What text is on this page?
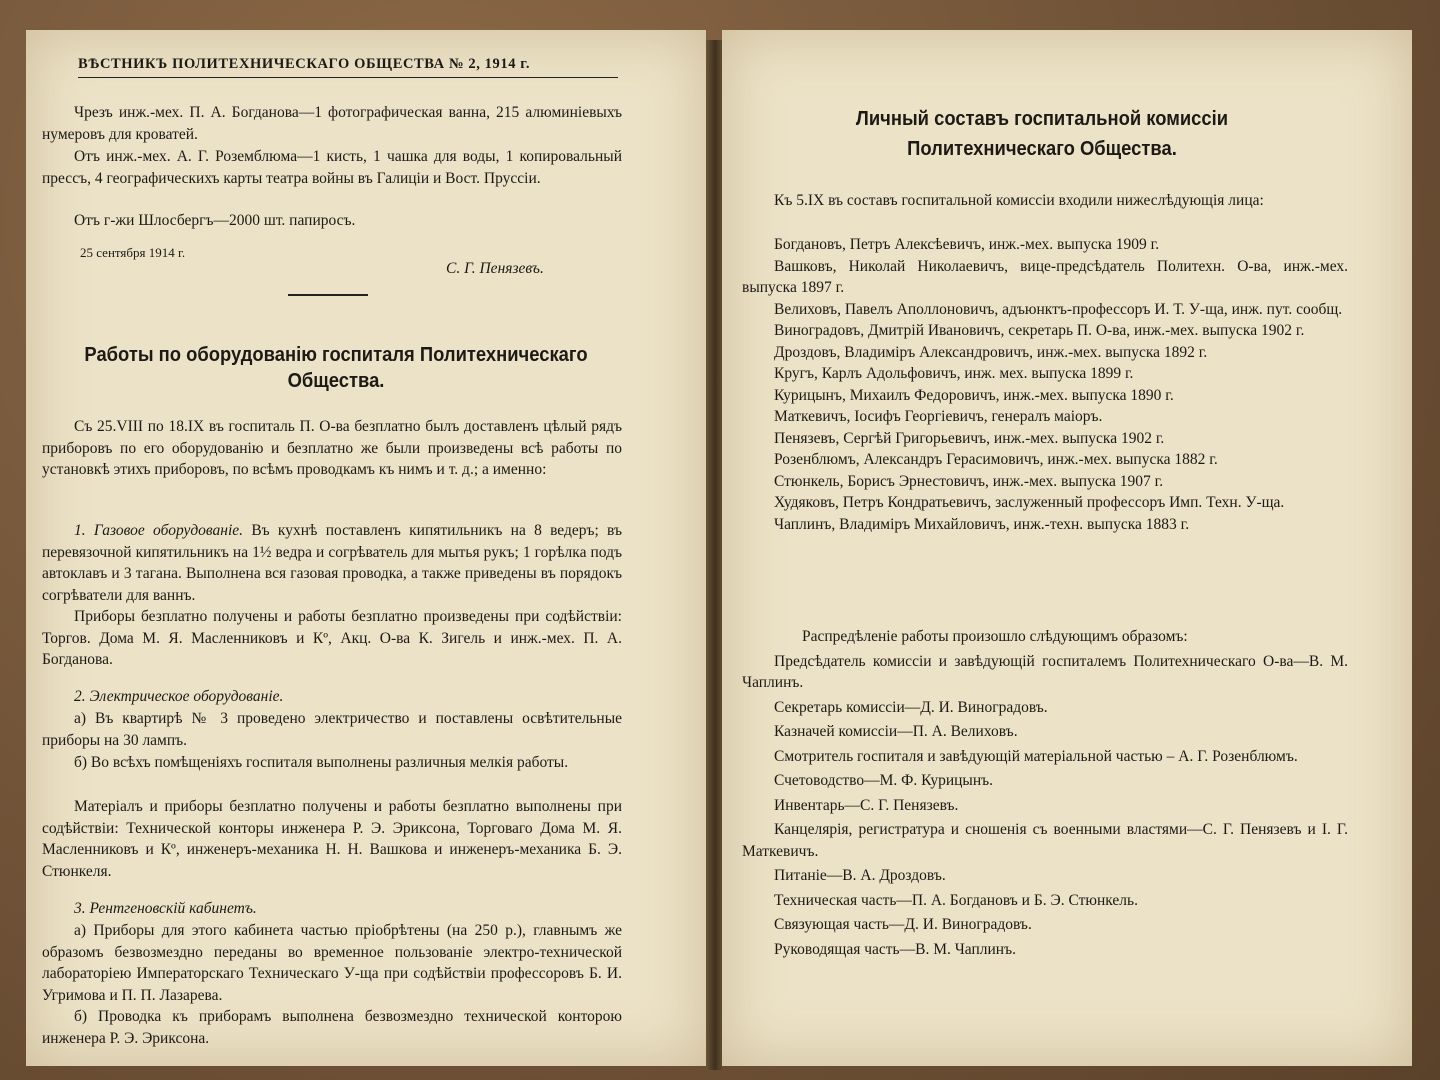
ВѢСТНИКЪ ПОЛИТЕХНИЧЕСКАГО ОБЩЕСТВА № 2, 1914 г.
Чрезъ инж.-мех. П. А. Богданова—1 фотографическая ванна, 215 алюминіевыхъ нумеровъ для кроватей.
Отъ инж.-мех. А. Г. Роземблюма—1 кисть, 1 чашка для воды, 1 копировальный прессъ, 4 географическихъ карты театра войны въ Галиціи и Вост. Пруссіи.
Отъ г-жи Шлосбергъ—2000 шт. папиросъ.
25 сентября 1914 г.
С. Г. Пенязевъ.
Работы по оборудованію госпиталя Политехническаго Общества.
Съ 25.VIII по 18.IX въ госпиталь П. О-ва безплатно былъ доставленъ цѣлый рядъ приборовъ по его оборудованію и безплатно же были произведены всѣ работы по установкѣ этихъ приборовъ, по всѣмъ проводкамъ къ нимъ и т. д.; а именно:
1. Газовое оборудованіе. Въ кухнѣ поставленъ кипятильникъ на 8 ведеръ; въ перевязочной кипятильникъ на 1½ ведра и согрѣватель для мытья рукъ; 1 горѣлка подъ автоклавъ и 3 тагана. Выполнена вся газовая проводка, а также приведены въ порядокъ согрѣватели для ваннъ.
Приборы безплатно получены и работы безплатно произведены при содѣйствіи: Торгов. Дома М. Я. Масленниковъ и Кº, Акц. О-ва К. Зигель и инж.-мех. П. А. Богданова.
2. Электрическое оборудованіе.
а) Въ квартирѣ № 3 проведено электричество и поставлены освѣтительные приборы на 30 лампъ.
б) Во всѣхъ помѣщеніяхъ госпиталя выполнены различныя мелкія работы.
Матеріалъ и приборы безплатно получены и работы безплатно выполнены при содѣйствіи: Технической конторы инженера Р. Э. Эриксона, Торговаго Дома М. Я. Масленниковъ и Кº, инженеръ-механика Н. Н. Вашкова и инженеръ-механика Б. Э. Стюнкеля.
3. Рентгеновскій кабинетъ.
а) Приборы для этого кабинета частью пріобрѣтены (на 250 р.), главнымъ же образомъ безвозмездно переданы во временное пользованіе электро-технической лабораторіею Императорскаго Техническаго У-ща при содѣйствіи профессоровъ Б. И. Угримова и П. П. Лазарева.
б) Проводка къ приборамъ выполнена безвозмездно технической конторою инженера Р. Э. Эриксона.
Личный составъ госпитальной комиссіи
Политехническаго Общества.
Къ 5.IX въ составъ госпитальной комиссіи входили нижеслѣдующія лица:
Богдановъ, Петръ Алексѣевичъ, инж.-мех. выпуска 1909 г.
Вашковъ, Николай Николаевичъ, вице-предсѣдатель Политехн. О-ва, инж.-мех. выпуска 1897 г.
Велиховъ, Павелъ Аполлоновичъ, адъюнктъ-профессоръ И. Т. У-ща, инж. пут. сообщ.
Виноградовъ, Дмитрій Ивановичъ, секретарь П. О-ва, инж.-мех. выпуска 1902 г.
Дроздовъ, Владиміръ Александровичъ, инж.-мех. выпуска 1892 г.
Кругъ, Карлъ Адольфовичъ, инж. мех. выпуска 1899 г.
Курицынъ, Михаилъ Федоровичъ, инж.-мех. выпуска 1890 г.
Маткевичъ, Іосифъ Георгіевичъ, генералъ маіоръ.
Пенязевъ, Сергѣй Григорьевичъ, инж.-мех. выпуска 1902 г.
Розенблюмъ, Александръ Герасимовичъ, инж.-мех. выпуска 1882 г.
Стюнкель, Борисъ Эрнестовичъ, инж.-мех. выпуска 1907 г.
Худяковъ, Петръ Кондратьевичъ, заслуженный профессоръ Имп. Техн. У-ща.
Чаплинъ, Владиміръ Михайловичъ, инж.-техн. выпуска 1883 г.
Распредѣленіе работы произошло слѣдующимъ образомъ:
Предсѣдатель комиссіи и завѣдующій госпиталемъ Политехническаго О-ва—В. М. Чаплинъ.
Секретарь комиссіи—Д. И. Виноградовъ.
Казначей комиссіи—П. А. Велиховъ.
Смотритель госпиталя и завѣдующій матеріальной частью – А. Г. Розенблюмъ.
Счетоводство—М. Ф. Курицынъ.
Инвентарь—С. Г. Пенязевъ.
Канцелярія, регистратура и сношенія съ военными властями—С. Г. Пенязевъ и І. Г. Маткевичъ.
Питаніе—В. А. Дроздовъ.
Техническая часть—П. А. Богдановъ и Б. Э. Стюнкель.
Связующая часть—Д. И. Виноградовъ.
Руководящая часть—В. М. Чаплинъ.
